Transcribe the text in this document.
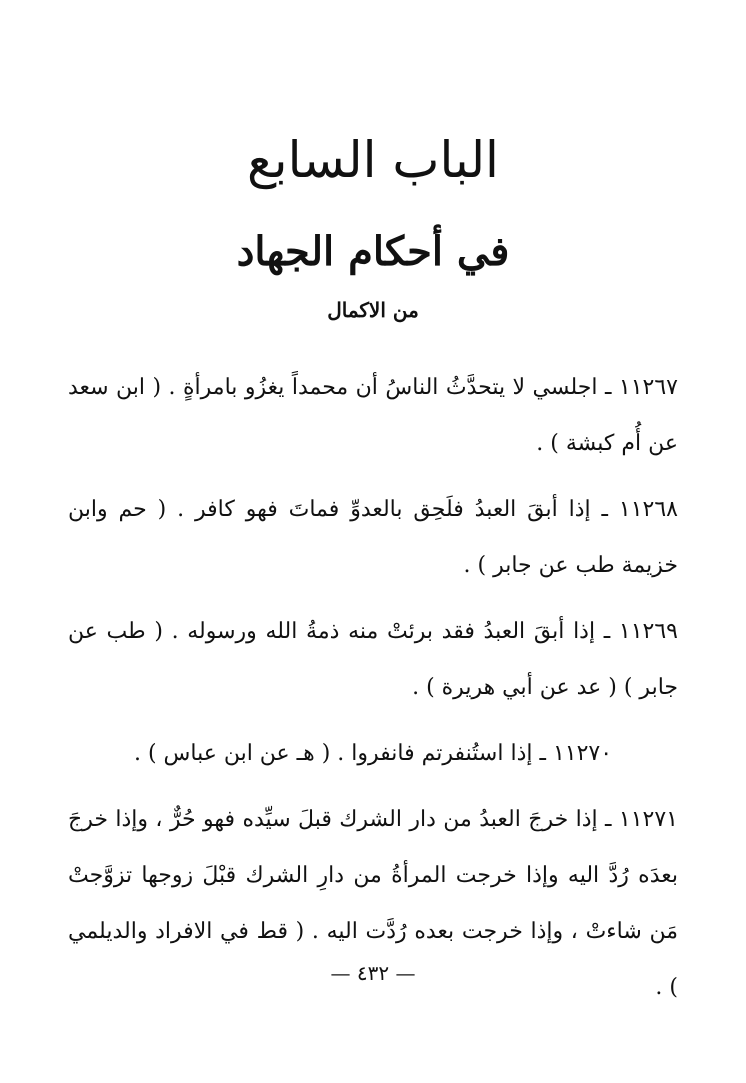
الباب السابع
في أحكام الجهاد
من الاكمال

١١٢٦٧ ـ اجلسي لا يتحدَّثُ الناسُ أن محمداً يغزُو بامرأةٍ . ( ابن سعد عن أُم كبشة ) .

١١٢٦٨ ـ إذا أبقَ العبدُ فلَحِق بالعدوِّ فماتَ فهو كافر . ( حم وابن خزيمة طب عن جابر ) .

١١٢٦٩ ـ إذا أبقَ العبدُ فقد برئتْ منه ذمةُ الله ورسوله . ( طب عن جابر ) ( عد عن أبي هريرة ) .

١١٢٧٠ ـ إذا استُنفرتم فانفروا . ( هـ عن ابن عباس ) .

١١٢٧١ ـ إذا خرجَ العبدُ من دار الشرك قبلَ سيِّده فهو حُرٌّ ، وإذا خرجَ بعدَه رُدَّ اليه وإذا خرجت المرأةُ من دارِ الشرك قبْلَ زوجها تزوَّجتْ مَن شاءتْ ، وإذا خرجت بعده رُدَّت اليه . ( قط في الافراد والديلمي ) .

— ٤٣٢ —
